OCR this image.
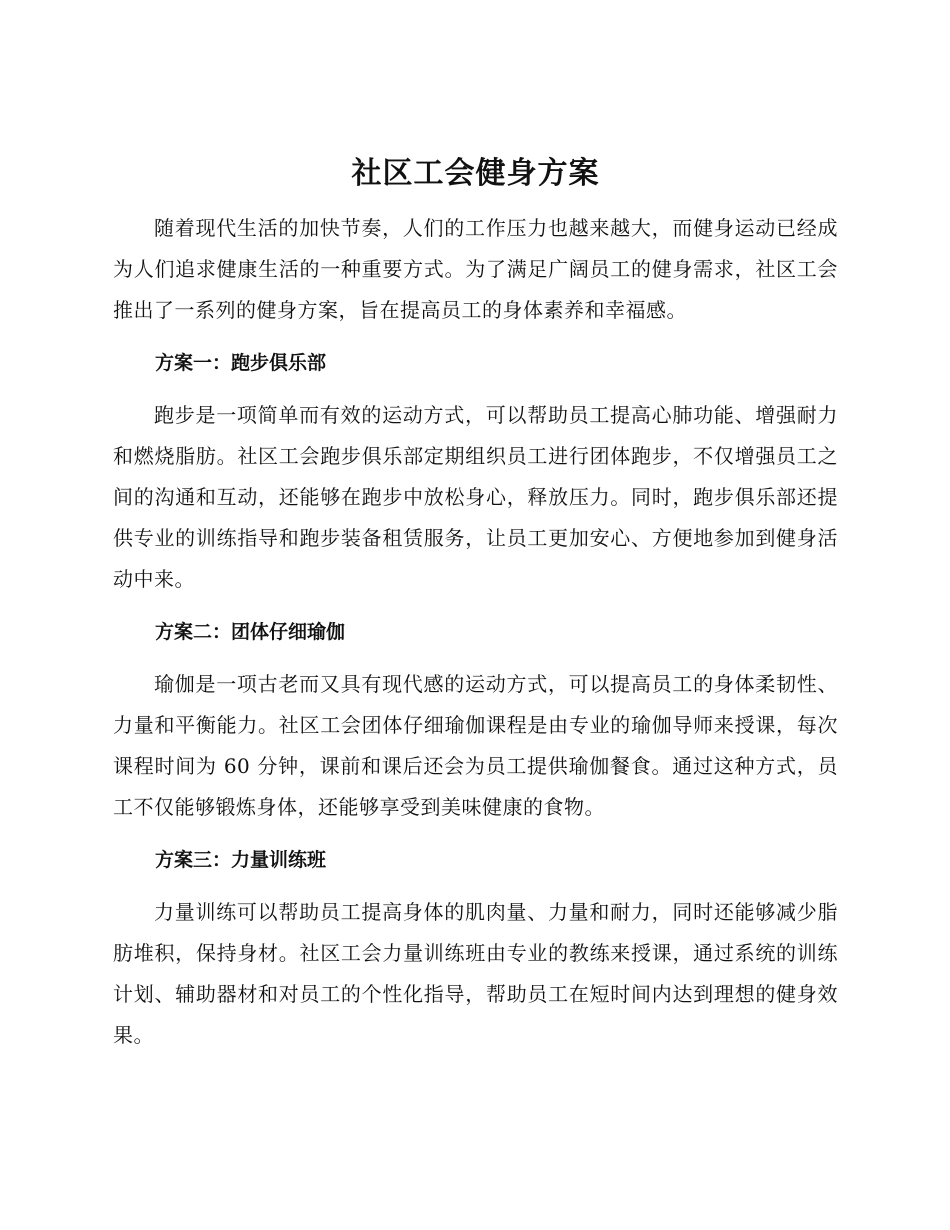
社区工会健身方案

随着现代生活的加快节奏，人们的工作压力也越来越大，而健身运动已经成为人们追求健康生活的一种重要方式。为了满足广阔员工的健身需求，社区工会推出了一系列的健身方案，旨在提高员工的身体素养和幸福感。

方案一：跑步俱乐部

跑步是一项简单而有效的运动方式，可以帮助员工提高心肺功能、增强耐力和燃烧脂肪。社区工会跑步俱乐部定期组织员工进行团体跑步，不仅增强员工之间的沟通和互动，还能够在跑步中放松身心，释放压力。同时，跑步俱乐部还提供专业的训练指导和跑步装备租赁服务，让员工更加安心、方便地参加到健身活动中来。

方案二：团体仔细瑜伽

瑜伽是一项古老而又具有现代感的运动方式，可以提高员工的身体柔韧性、力量和平衡能力。社区工会团体仔细瑜伽课程是由专业的瑜伽导师来授课，每次课程时间为 60 分钟，课前和课后还会为员工提供瑜伽餐食。通过这种方式，员工不仅能够锻炼身体，还能够享受到美味健康的食物。

方案三：力量训练班

力量训练可以帮助员工提高身体的肌肉量、力量和耐力，同时还能够减少脂肪堆积，保持身材。社区工会力量训练班由专业的教练来授课，通过系统的训练计划、辅助器材和对员工的个性化指导，帮助员工在短时间内达到理想的健身效果。
